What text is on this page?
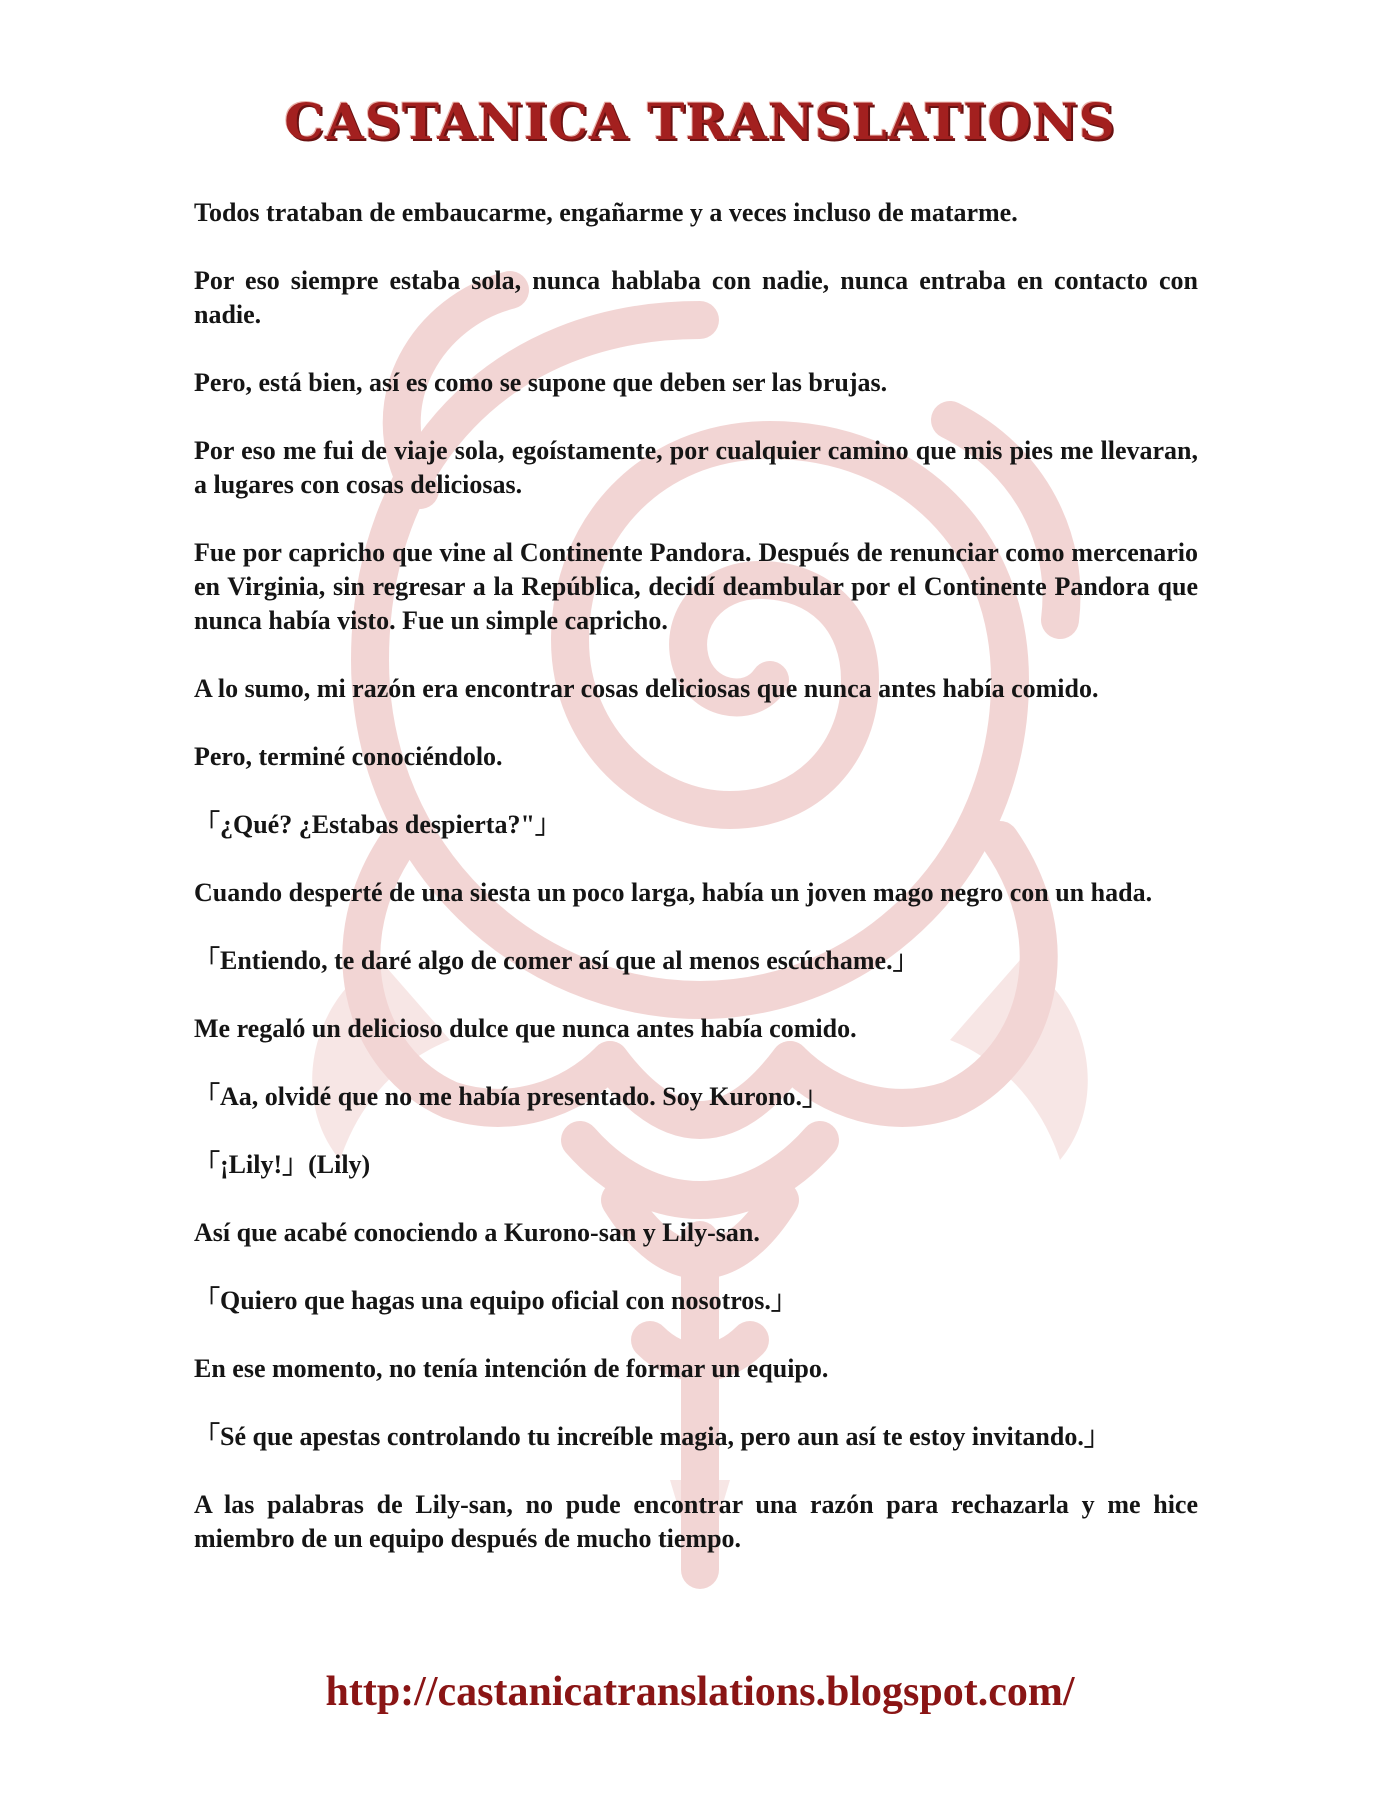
CASTANICA TRANSLATIONS

Todos trataban de embaucarme, engañarme y a veces incluso de matarme.

Por eso siempre estaba sola, nunca hablaba con nadie, nunca entraba en contacto con nadie.

Pero, está bien, así es como se supone que deben ser las brujas.

Por eso me fui de viaje sola, egoístamente, por cualquier camino que mis pies me llevaran, a lugares con cosas deliciosas.

Fue por capricho que vine al Continente Pandora. Después de renunciar como mercenario en Virginia, sin regresar a la República, decidí deambular por el Continente Pandora que nunca había visto. Fue un simple capricho.

A lo sumo, mi razón era encontrar cosas deliciosas que nunca antes había comido.

Pero, terminé conociéndolo.

「¿Qué? ¿Estabas despierta?"」

Cuando desperté de una siesta un poco larga, había un joven mago negro con un hada.

「Entiendo, te daré algo de comer así que al menos escúchame.」

Me regaló un delicioso dulce que nunca antes había comido.

「Aa, olvidé que no me había presentado. Soy Kurono.」

「¡Lily!」(Lily)

Así que acabé conociendo a Kurono-san y Lily-san.

「Quiero que hagas una equipo oficial con nosotros.」

En ese momento, no tenía intención de formar un equipo.

「Sé que apestas controlando tu increíble magia, pero aun así te estoy invitando.」

A las palabras de Lily-san, no pude encontrar una razón para rechazarla y me hice miembro de un equipo después de mucho tiempo.

http://castanicatranslations.blogspot.com/
